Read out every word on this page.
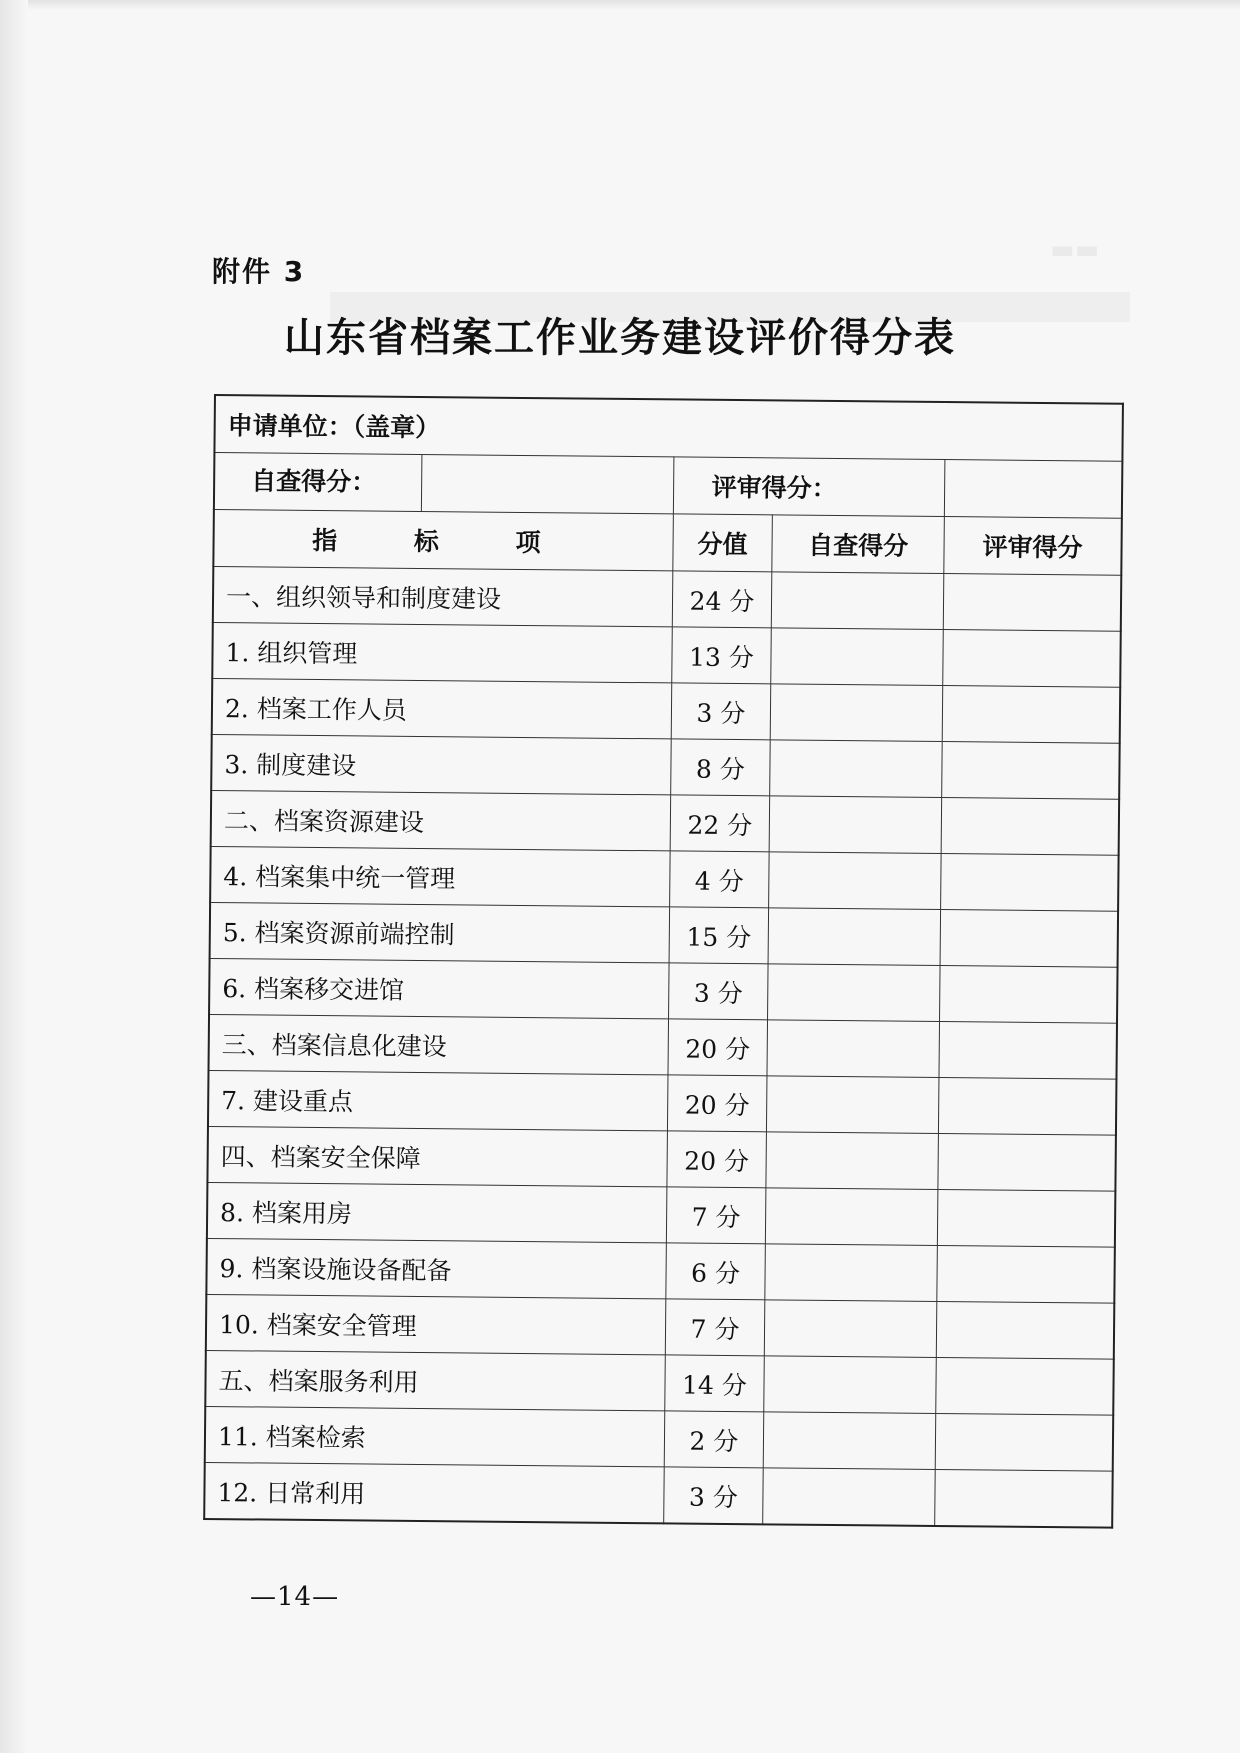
▬▬
附件 3
山东省档案工作业务建设评价得分表
申请单位：（盖章）			

自查得分：	评审得分：		
指 标 项	分值	自查得分	评审得分
一、组织领导和制度建设	24 分		
1. 组织管理	13 分		
2. 档案工作人员	3 分		
3. 制度建设	8 分		
二、档案资源建设	22 分		
4. 档案集中统一管理	4 分		
5. 档案资源前端控制	15 分		
6. 档案移交进馆	3 分		
三、档案信息化建设	20 分		
7. 建设重点	20 分		
四、档案安全保障	20 分		
8. 档案用房	7 分		
9. 档案设施设备配备	6 分		
10. 档案安全管理	7 分		
五、档案服务利用	14 分		
11. 档案检索	2 分		
12. 日常利用	3 分		
—14—
